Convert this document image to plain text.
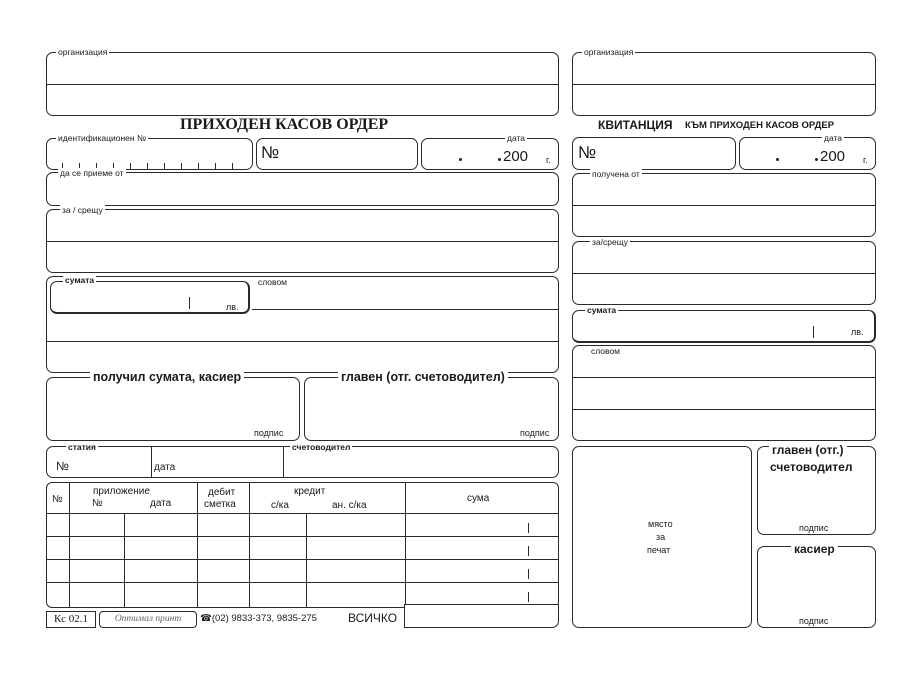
организация
ПРИХОДЕН КАСОВ ОРДЕР
идентификационен №
№
дата
200 г.
да се приеме от
за / срещу
сумата
лв.
словом
получил сумата, касиер
подпис
главен (отг. счетоводител)
подпис
статия
№	дата
счетоводител
№
приложение
№	дата
дебит
сметка
кредит
с/ка	ан. с/ка
сума
Кс 02.1	Оптимал принт	☎(02) 9833-373, 9835-275	ВСИЧКО
организация
КВИТАНЦИЯ КЪМ ПРИХОДЕН КАСОВ ОРДЕР
№
дата
200 г.
получена от
за/срещу
сумата
лв.
словом
място
за
печат
главен (отг.)
счетоводител
подпис
касиер
подпис
